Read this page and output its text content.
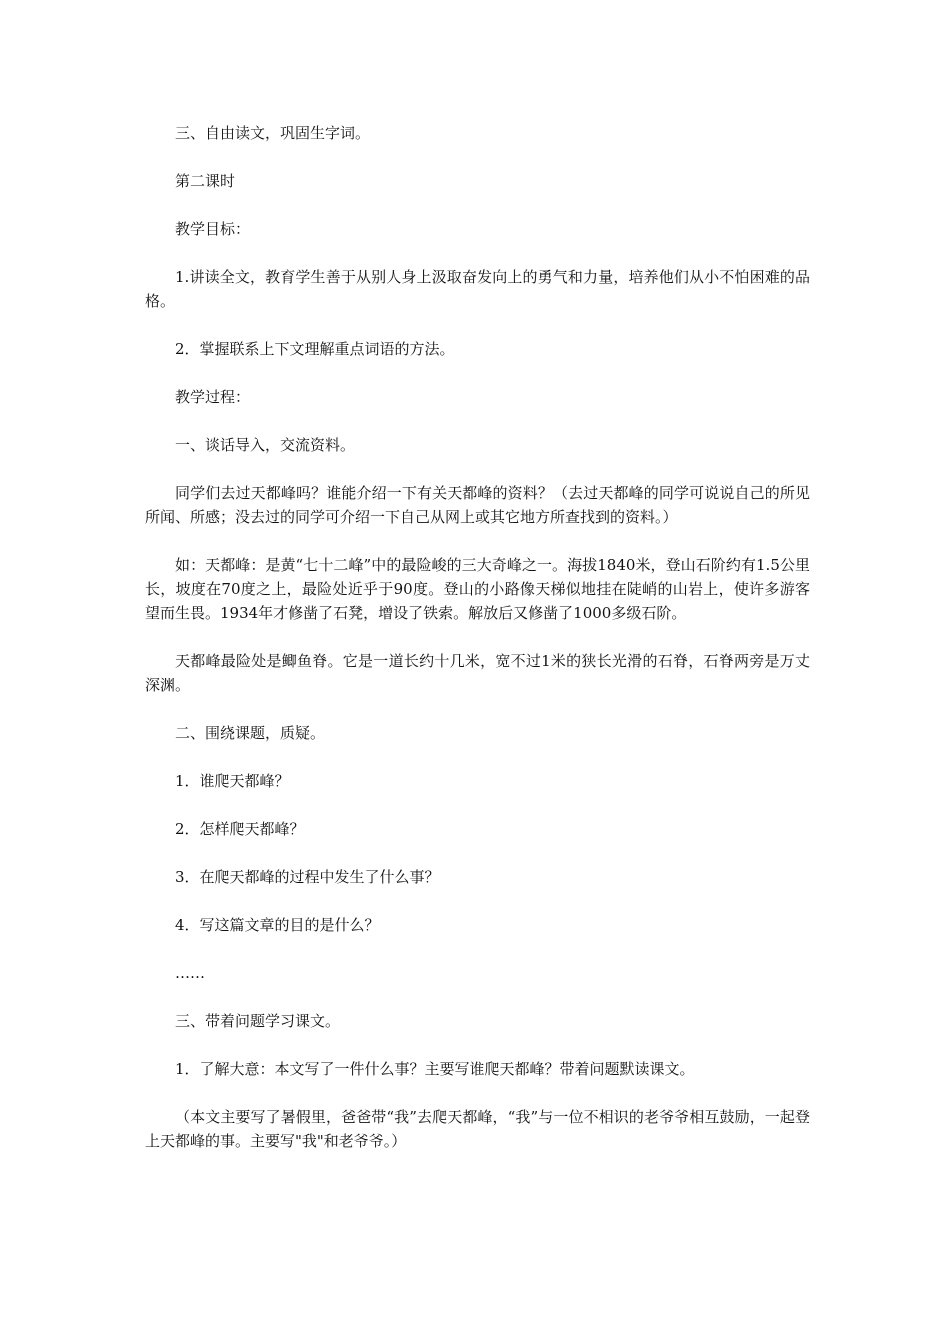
三、自由读文，巩固生字词。

第二课时

教学目标：

1.讲读全文，教育学生善于从别人身上汲取奋发向上的勇气和力量，培养他们从小不怕困难的品格。

2．掌握联系上下文理解重点词语的方法。

教学过程：

一、谈话导入，交流资料。

同学们去过天都峰吗？谁能介绍一下有关天都峰的资料？（去过天都峰的同学可说说自己的所见所闻、所感；没去过的同学可介绍一下自己从网上或其它地方所查找到的资料。）

如：天都峰：是黄“七十二峰”中的最险峻的三大奇峰之一。海拔1840米，登山石阶约有1.5公里长，坡度在70度之上，最险处近乎于90度。登山的小路像天梯似地挂在陡峭的山岩上，使许多游客望而生畏。1934年才修凿了石凳，增设了铁索。解放后又修凿了1000多级石阶。

天都峰最险处是鲫鱼脊。它是一道长约十几米，宽不过1米的狭长光滑的石脊，石脊两旁是万丈深渊。

二、围绕课题，质疑。

1．谁爬天都峰？

2．怎样爬天都峰？

3．在爬天都峰的过程中发生了什么事？

4．写这篇文章的目的是什么？

……

三、带着问题学习课文。

1．了解大意：本文写了一件什么事？主要写谁爬天都峰？带着问题默读课文。

（本文主要写了暑假里，爸爸带“我”去爬天都峰，“我”与一位不相识的老爷爷相互鼓励，一起登上天都峰的事。主要写"我"和老爷爷。）
